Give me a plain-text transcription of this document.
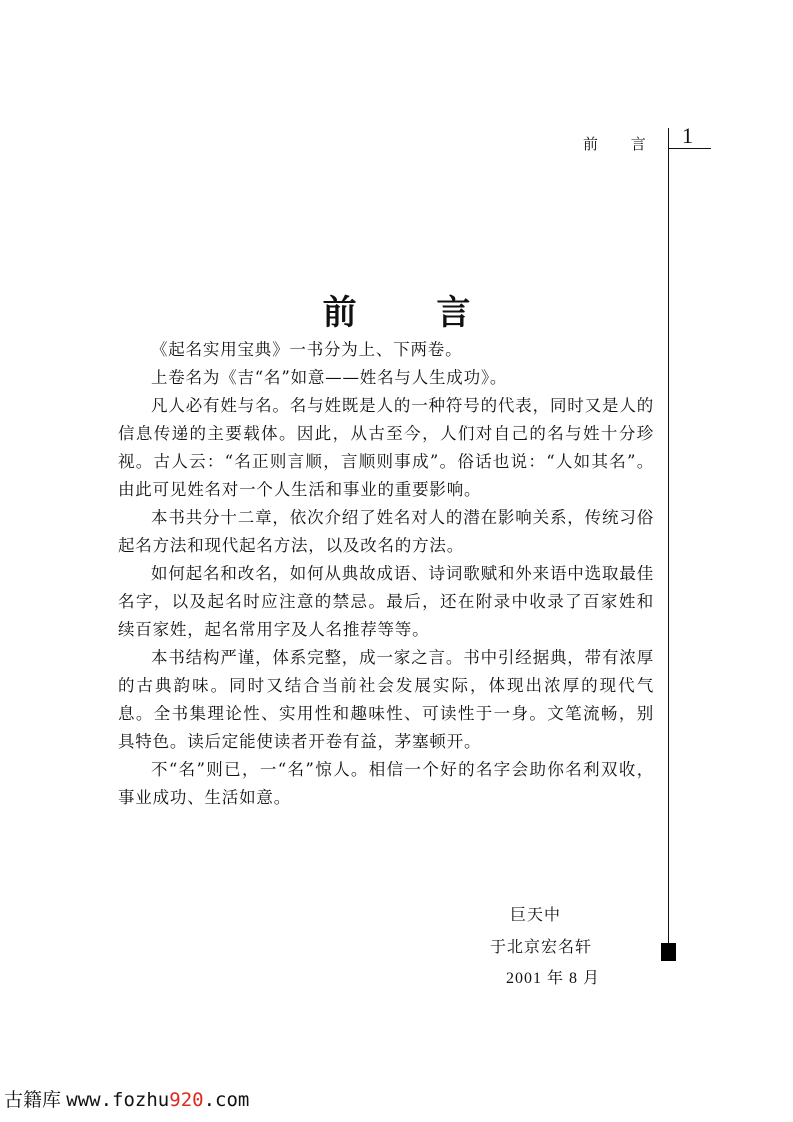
前 言 1
前 言

《起名实用宝典》一书分为上、下两卷。

上卷名为《吉“名”如意——姓名与人生成功》。

凡人必有姓与名。名与姓既是人的一种符号的代表，同时又是人的信息传递的主要载体。因此，从古至今，人们对自己的名与姓十分珍视。古人云：“名正则言顺，言顺则事成”。俗话也说：“人如其名”。由此可见姓名对一个人生活和事业的重要影响。

本书共分十二章，依次介绍了姓名对人的潜在影响关系，传统习俗起名方法和现代起名方法，以及改名的方法。

如何起名和改名，如何从典故成语、诗词歌赋和外来语中选取最佳名字，以及起名时应注意的禁忌。最后，还在附录中收录了百家姓和续百家姓，起名常用字及人名推荐等等。

本书结构严谨，体系完整，成一家之言。书中引经据典，带有浓厚的古典韵味。同时又结合当前社会发展实际，体现出浓厚的现代气息。全书集理论性、实用性和趣味性、可读性于一身。文笔流畅，别具特色。读后定能使读者开卷有益，茅塞顿开。

不“名”则已，一“名”惊人。相信一个好的名字会助你名利双收，事业成功、生活如意。

巨天中
于北京宏名轩
2001 年 8 月
古籍库 www.fozhu920.com
